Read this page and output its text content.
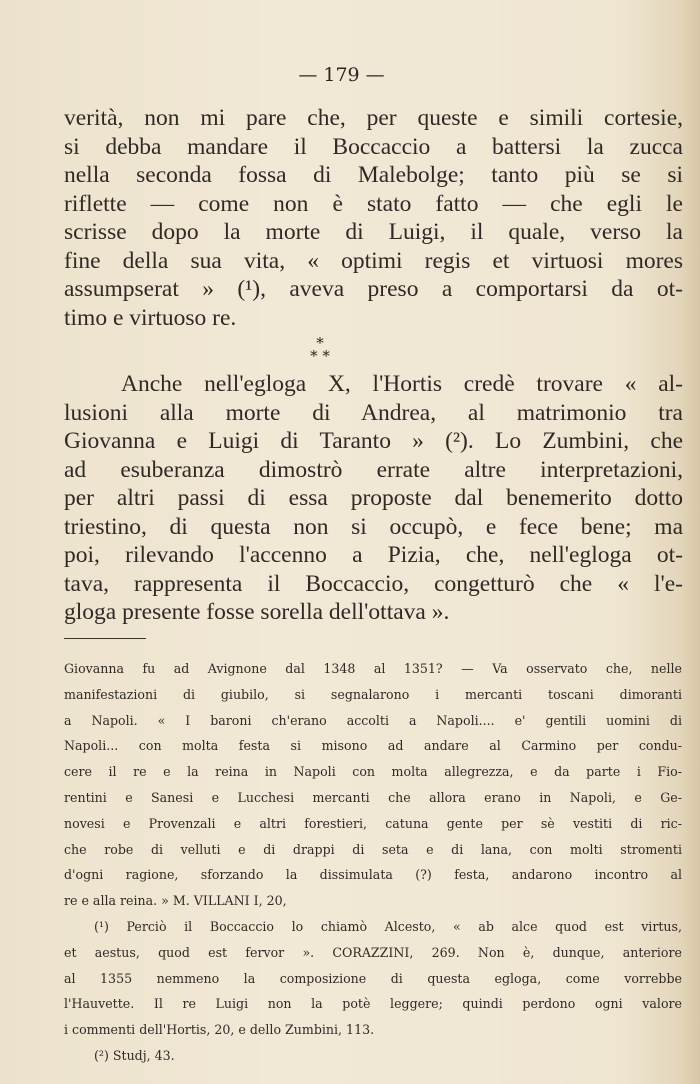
— 179 —
verità, non mi pare che, per queste e simili cortesie,
si debba mandare il Boccaccio a battersi la zucca
nella seconda fossa di Malebolge; tanto più se si
riflette — come non è stato fatto — che egli le
scrisse dopo la morte di Luigi, il quale, verso la
fine della sua vita, « optimi regis et virtuosi mores
assumpserat » (¹), aveva preso a comportarsi da ot-
timo e virtuoso re.
*
* *
Anche nell'egloga X, l'Hortis credè trovare « al-
lusioni alla morte di Andrea, al matrimonio tra
Giovanna e Luigi di Taranto » (²). Lo Zumbini, che
ad esuberanza dimostrò errate altre interpretazioni,
per altri passi di essa proposte dal benemerito dotto
triestino, di questa non si occupò, e fece bene; ma
poi, rilevando l'accenno a Pizia, che, nell'egloga ot-
tava, rappresenta il Boccaccio, congetturò che « l'e-
gloga presente fosse sorella dell'ottava ».
Giovanna fu ad Avignone dal 1348 al 1351? — Va osservato che, nelle
manifestazioni di giubilo, si segnalarono i mercanti toscani dimoranti
a Napoli. « I baroni ch'erano accolti a Napoli.... e' gentili uomini di
Napoli... con molta festa si misono ad andare al Carmino per condu-
cere il re e la reina in Napoli con molta allegrezza, e da parte i Fio-
rentini e Sanesi e Lucchesi mercanti che allora erano in Napoli, e Ge-
novesi e Provenzali e altri forestieri, catuna gente per sè vestiti di ric-
che robe di velluti e di drappi di seta e di lana, con molti stromenti
d'ogni ragione, sforzando la dissimulata (?) festa, andarono incontro al
re e alla reina. » M. VILLANI I, 20,
(¹) Perciò il Boccaccio lo chiamò Alcesto, « ab alce quod est virtus,
et aestus, quod est fervor ». CORAZZINI, 269. Non è, dunque, anteriore
al 1355 nemmeno la composizione di questa egloga, come vorrebbe
l'Hauvette. Il re Luigi non la potè leggere; quindi perdono ogni valore
i commenti dell'Hortis, 20, e dello Zumbini, 113.
(²) Studj, 43.
